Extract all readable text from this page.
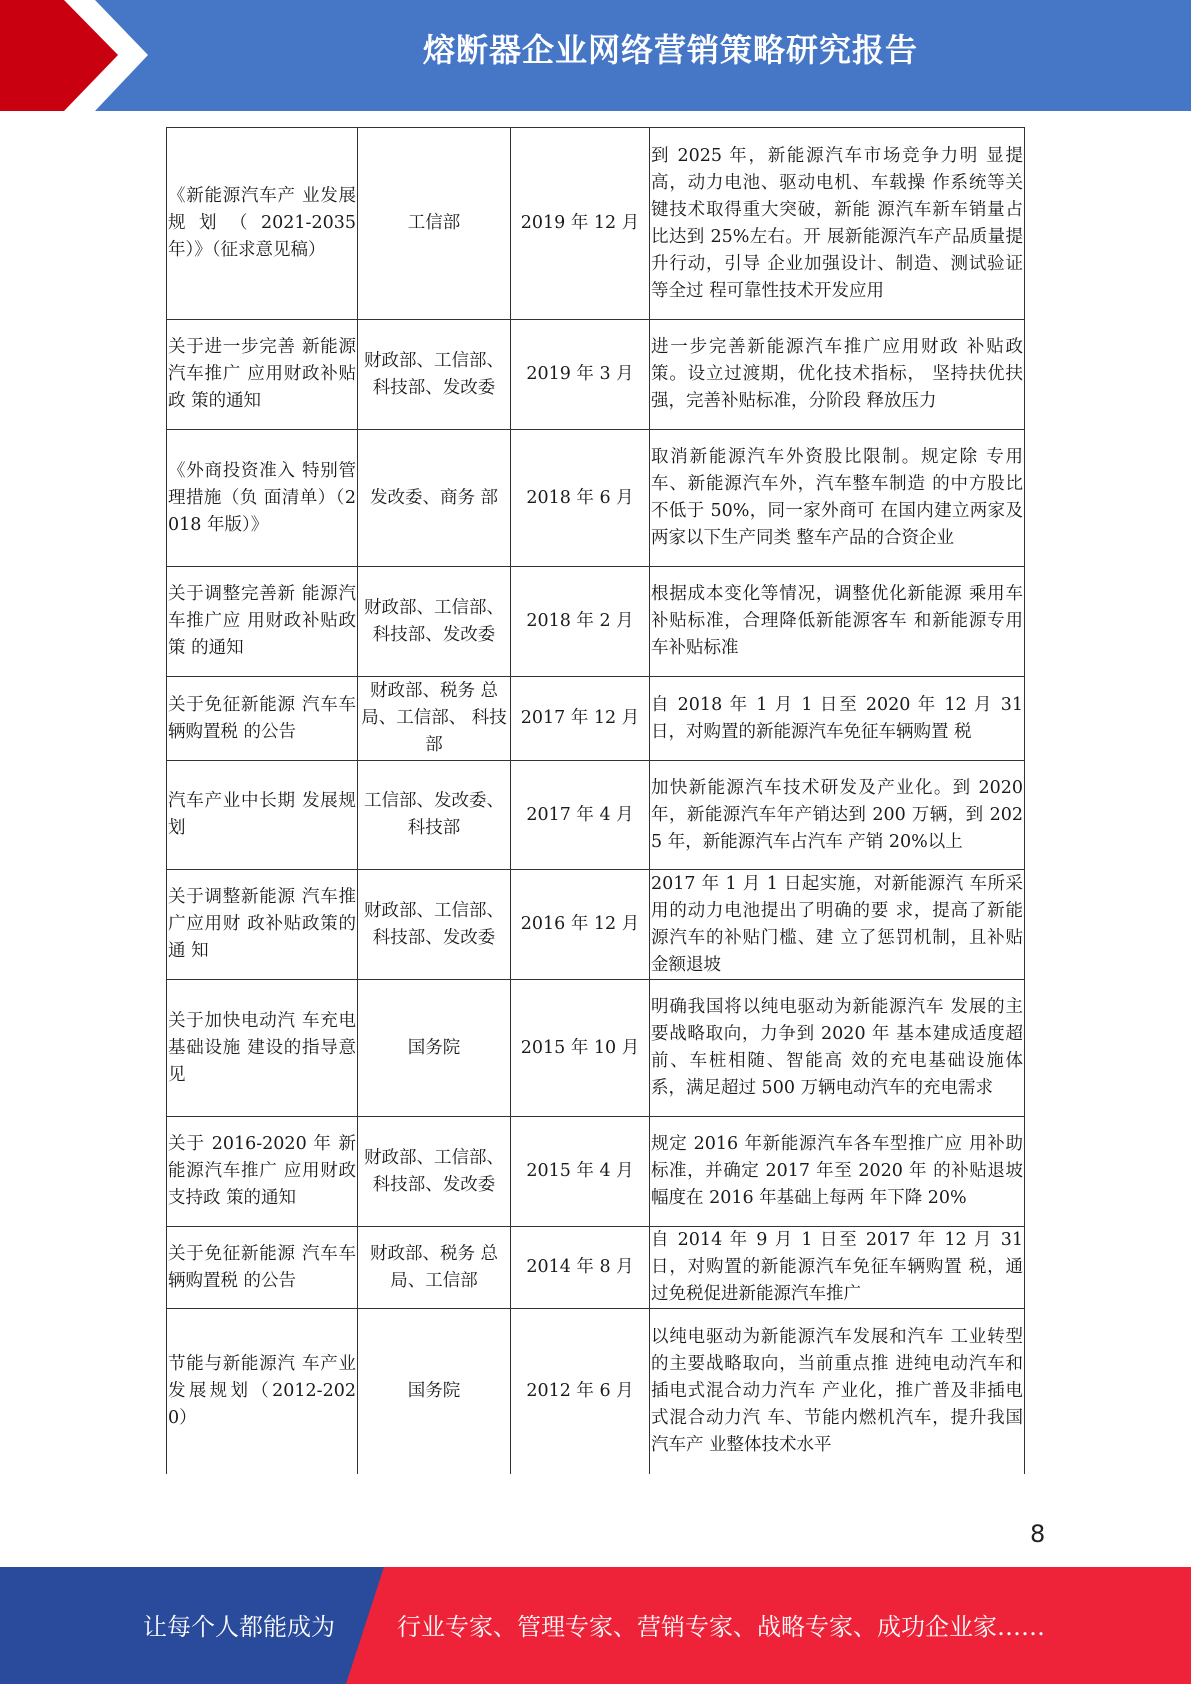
熔断器企业网络营销策略研究报告
《新能源汽车产 业发展规划（2021-2035 年）》（征求意见稿）	工信部	2019 年 12 月	到 2025 年，新能源汽车市场竞争力明 显提高，动力电池、驱动电机、车载操 作系统等关键技术取得重大突破，新能 源汽车新车销量占比达到 25%左右。开 展新能源汽车产品质量提升行动，引导 企业加强设计、制造、测试验证等全过 程可靠性技术开发应用
关于进一步完善 新能源汽车推广 应用财政补贴政 策的通知	财政部、工信部、科技部、发改委	2019 年 3 月	进一步完善新能源汽车推广应用财政 补贴政策。设立过渡期，优化技术指标， 坚持扶优扶强，完善补贴标准，分阶段 释放压力
《外商投资准入 特别管理措施（负 面清单）（2018 年版）》	发改委、商务 部	2018 年 6 月	取消新能源汽车外资股比限制。规定除 专用车、新能源汽车外，汽车整车制造 的中方股比不低于 50%，同一家外商可 在国内建立两家及两家以下生产同类 整车产品的合资企业
关于调整完善新 能源汽车推广应 用财政补贴政策 的通知	财政部、工信部、科技部、发改委	2018 年 2 月	根据成本变化等情况，调整优化新能源 乘用车补贴标准，合理降低新能源客车 和新能源专用车补贴标准
关于免征新能源 汽车车辆购置税 的公告	财政部、税务 总局、工信部、 科技部	2017 年 12 月	自 2018 年 1 月 1 日至 2020 年 12 月 31 日，对购置的新能源汽车免征车辆购置 税
汽车产业中长期 发展规划	工信部、发改委、科技部	2017 年 4 月	加快新能源汽车技术研发及产业化。到 2020 年，新能源汽车年产销达到 200 万辆，到 2025 年，新能源汽车占汽车 产销 20%以上
关于调整新能源 汽车推广应用财 政补贴政策的通 知	财政部、工信部、科技部、发改委	2016 年 12 月	2017 年 1 月 1 日起实施，对新能源汽 车所采用的动力电池提出了明确的要 求，提高了新能源汽车的补贴门槛、建 立了惩罚机制，且补贴金额退坡
关于加快电动汽 车充电基础设施 建设的指导意见	国务院	2015 年 10 月	明确我国将以纯电驱动为新能源汽车 发展的主要战略取向，力争到 2020 年 基本建成适度超前、车桩相随、智能高 效的充电基础设施体系，满足超过 500 万辆电动汽车的充电需求
关于 2016-2020 年 新能源汽车推广 应用财政支持政 策的通知	财政部、工信部、科技部、发改委	2015 年 4 月	规定 2016 年新能源汽车各车型推广应 用补助标准，并确定 2017 年至 2020 年 的补贴退坡幅度在 2016 年基础上每两 年下降 20%
关于免征新能源 汽车车辆购置税 的公告	财政部、税务 总局、工信部	2014 年 8 月	自 2014 年 9 月 1 日至 2017 年 12 月 31 日，对购置的新能源汽车免征车辆购置 税，通过免税促进新能源汽车推广
节能与新能源汽 车产业发展规划（2012-2020）	国务院	2012 年 6 月	以纯电驱动为新能源汽车发展和汽车 工业转型的主要战略取向，当前重点推 进纯电动汽车和插电式混合动力汽车 产业化，推广普及非插电式混合动力汽 车、节能内燃机汽车，提升我国汽车产 业整体技术水平
8
让每个人都能成为	行业专家、管理专家、营销专家、战略专家、成功企业家……
